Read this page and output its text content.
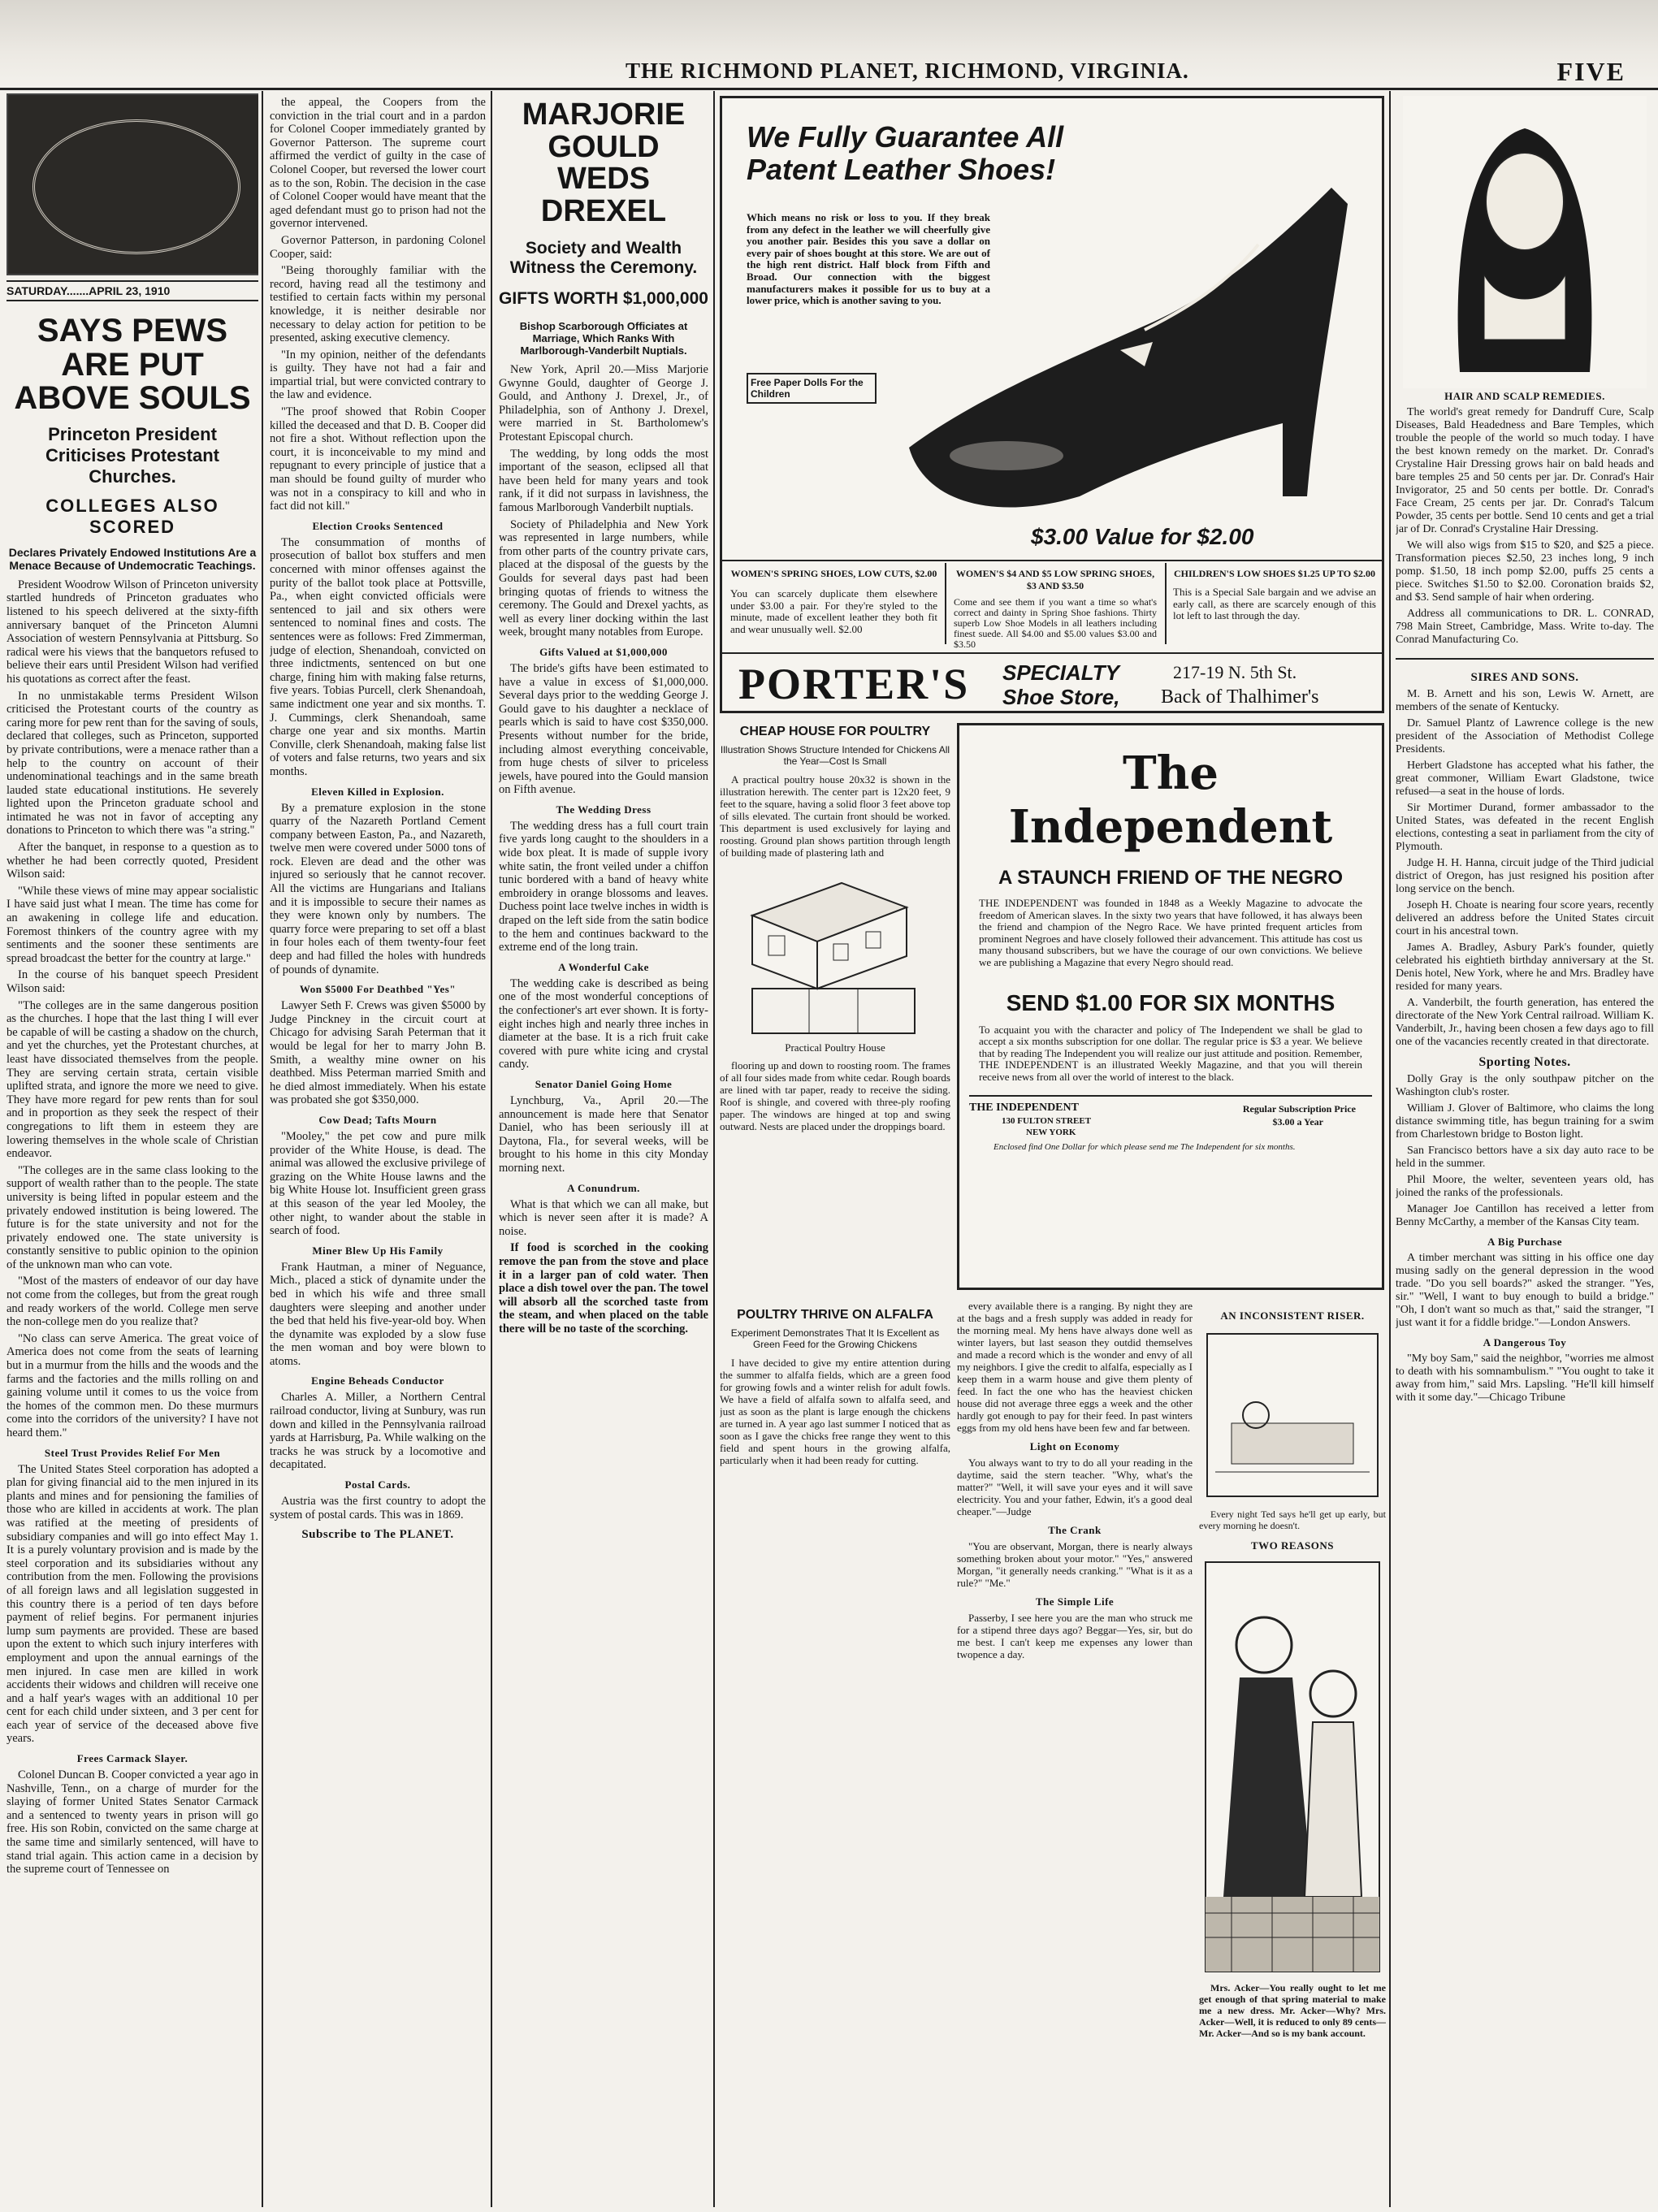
THE RICHMOND PLANET, RICHMOND, VIRGINIA.	FIVE
SATURDAY.......APRIL 23, 1910
SAYS PEWS ARE PUT ABOVE SOULS
Princeton President Criticises Protestant Churches.
COLLEGES ALSO SCORED
Declares Privately Endowed Institutions Are a Menace Because of Undemocratic Teachings.

President Woodrow Wilson of Princeton university startled hundreds of Princeton graduates who listened to his speech delivered at the sixty-fifth anniversary banquet of the Princeton Alumni Association of western Pennsylvania at Pittsburg. So radical were his views that the banquetors refused to believe their ears until President Wilson had verified his quotations as correct after the feast.

In no unmistakable terms President Wilson criticised the Protestant courts of the country as caring more for pew rent than for the saving of souls, declared that colleges, such as Princeton, supported by private contributions, were a menace rather than a help to the country on account of their undenominational teachings and in the same breath lauded state educational institutions. He severely lighted upon the Princeton graduate school and intimated he was not in favor of accepting any donations to Princeton to which there was "a string."

After the banquet, in response to a question as to whether he had been correctly quoted, President Wilson said:

"While these views of mine may appear socialistic I have said just what I mean. The time has come for an awakening in college life and education. Foremost thinkers of the country agree with my sentiments and the sooner these sentiments are spread broadcast the better for the country at large."

In the course of his banquet speech President Wilson said:

"The colleges are in the same dangerous position as the churches. I hope that the last thing I will ever be capable of will be casting a shadow on the church, and yet the churches, yet the Protestant churches, at least have dissociated themselves from the people. They are serving certain strata, certain visible uplifted strata, and ignore the more we need to give. They have more regard for pew rents than for soul and in proportion as they seek the respect of their congregations to lift them in esteem they are lowering themselves in the whole scale of Christian endeavor.

"The colleges are in the same class looking to the support of wealth rather than to the people. The state university is being lifted in popular esteem and the privately endowed institution is being lowered. The future is for the state university and not for the privately endowed one. The state university is constantly sensitive to public opinion to the opinion of the unknown man who can vote.

"Most of the masters of endeavor of our day have not come from the colleges, but from the great rough and ready workers of the world. College men serve the non-college men do you realize that?

"No class can serve America. The great voice of America does not come from the seats of learning but in a murmur from the hills and the woods and the farms and the factories and the mills rolling on and gaining volume until it comes to us the voice from the homes of the common men. Do these murmurs come into the corridors of the university? I have not heard them."

Steel Trust Provides Relief For Men

The United States Steel corporation has adopted a plan for giving financial aid to the men injured in its plants and mines and for pensioning the families of those who are killed in accidents at work. The plan was ratified at the meeting of presidents of subsidiary companies and will go into effect May 1. It is a purely voluntary provision and is made by the steel corporation and its subsidiaries without any contribution from the men. Following the provisions of all foreign laws and all legislation suggested in this country there is a period of ten days before payment of relief begins. For permanent injuries lump sum payments are provided. These are based upon the extent to which such injury interferes with employment and upon the annual earnings of the men injured. In case men are killed in work accidents their widows and children will receive one and a half year's wages with an additional 10 per cent for each child under sixteen, and 3 per cent for each year of service of the deceased above five years.

Frees Carmack Slayer.

Colonel Duncan B. Cooper convicted a year ago in Nashville, Tenn., on a charge of murder for the slaying of former United States Senator Carmack and a sentenced to twenty years in prison will go free. His son Robin, convicted on the same charge at the same time and similarly sentenced, will have to stand trial again. This action came in a decision by the supreme court of Tennessee on

the appeal, the Coopers from the conviction in the trial court and in a pardon for Colonel Cooper immediately granted by Governor Patterson. The supreme court affirmed the verdict of guilty in the case of Colonel Cooper, but reversed the lower court as to the son, Robin. The decision in the case of Colonel Cooper would have meant that the aged defendant must go to prison had not the governor intervened.

Governor Patterson, in pardoning Colonel Cooper, said:

"Being thoroughly familiar with the record, having read all the testimony and testified to certain facts within my personal knowledge, it is neither desirable nor necessary to delay action for petition to be presented, asking executive clemency.

"In my opinion, neither of the defendants is guilty. They have not had a fair and impartial trial, but were convicted contrary to the law and evidence.

"The proof showed that Robin Cooper killed the deceased and that D. B. Cooper did not fire a shot. Without reflection upon the court, it is inconceivable to my mind and repugnant to every principle of justice that a man should be found guilty of murder who was not in a conspiracy to kill and who in fact did not kill."

Election Crooks Sentenced

The consummation of months of prosecution of ballot box stuffers and men concerned with minor offenses against the purity of the ballot took place at Pottsville, Pa., when eight convicted officials were sentenced to jail and six others were sentenced to nominal fines and costs. The sentences were as follows: Fred Zimmerman, judge of election, Shenandoah, convicted on three indictments, sentenced on but one charge, fining him with making false returns, five years. Tobias Purcell, clerk Shenandoah, same indictment one year and six months. T. J. Cummings, clerk Shenandoah, same charge one year and six months. Martin Conville, clerk Shenandoah, making false list of voters and false returns, two years and six months.

Eleven Killed in Explosion.

By a premature explosion in the stone quarry of the Nazareth Portland Cement company between Easton, Pa., and Nazareth, twelve men were covered under 5000 tons of rock. Eleven are dead and the other was injured so seriously that he cannot recover. All the victims are Hungarians and Italians and it is impossible to secure their names as they were known only by numbers. The quarry force were preparing to set off a blast in four holes each of them twenty-four feet deep and had filled the holes with hundreds of pounds of dynamite.

Won $5000 For Deathbed "Yes"

Lawyer Seth F. Crews was given $5000 by Judge Pinckney in the circuit court at Chicago for advising Sarah Peterman that it would be legal for her to marry John B. Smith, a wealthy mine owner on his deathbed. Miss Peterman married Smith and he died almost immediately. When his estate was probated she got $350,000.

Cow Dead; Tafts Mourn

"Mooley," the pet cow and pure milk provider of the White House, is dead. The animal was allowed the exclusive privilege of grazing on the White House lawns and the big White House lot. Insufficient green grass at this season of the year led Mooley, the other night, to wander about the stable in search of food.

Miner Blew Up His Family

Frank Hautman, a miner of Neguance, Mich., placed a stick of dynamite under the bed in which his wife and three small daughters were sleeping and another under the bed that held his five-year-old boy. When the dynamite was exploded by a slow fuse the men woman and boy were blown to atoms.

Engine Beheads Conductor

Charles A. Miller, a Northern Central railroad conductor, living at Sunbury, was run down and killed in the Pennsylvania railroad yards at Harrisburg, Pa. While walking on the tracks he was struck by a locomotive and decapitated.

Postal Cards.

Austria was the first country to adopt the system of postal cards. This was in 1869.

Subscribe to The PLANET.
MARJORIE GOULD WEDS DREXEL
Society and Wealth Witness the Ceremony.
GIFTS WORTH $1,000,000
Bishop Scarborough Officiates at Marriage, Which Ranks With Marlborough-Vanderbilt Nuptials.

New York, April 20.—Miss Marjorie Gwynne Gould, daughter of George J. Gould, and Anthony J. Drexel, Jr., of Philadelphia, son of Anthony J. Drexel, were married in St. Bartholomew's Protestant Episcopal church.

The wedding, by long odds the most important of the season, eclipsed all that have been held for many years and took rank, if it did not surpass in lavishness, the famous Marlborough Vanderbilt nuptials.

Society of Philadelphia and New York was represented in large numbers, while from other parts of the country private cars, placed at the disposal of the guests by the Goulds for several days past had been bringing quotas of friends to witness the ceremony. The Gould and Drexel yachts, as well as every liner docking within the last week, brought many notables from Europe.

Gifts Valued at $1,000,000

The bride's gifts have been estimated to have a value in excess of $1,000,000. Several days prior to the wedding George J. Gould gave to his daughter a necklace of pearls which is said to have cost $350,000. Presents without number for the bride, including almost everything conceivable, from huge chests of silver to priceless jewels, have poured into the Gould mansion on Fifth avenue.

The Wedding Dress

The wedding dress has a full court train five yards long caught to the shoulders in a wide box pleat. It is made of supple ivory white satin, the front veiled under a chiffon tunic bordered with a band of heavy white embroidery in orange blossoms and leaves. Duchess point lace twelve inches in width is draped on the left side from the satin bodice to the hem and continues backward to the extreme end of the long train.

A Wonderful Cake

The wedding cake is described as being one of the most wonderful conceptions of the confectioner's art ever shown. It is forty-eight inches high and nearly three inches in diameter at the base. It is a rich fruit cake covered with pure white icing and crystal candy.

Senator Daniel Going Home

Lynchburg, Va., April 20.—The announcement is made here that Senator Daniel, who has been seriously ill at Daytona, Fla., for several weeks, will be brought to his home in this city Monday morning next.

A Conundrum.

What is that which we can all make, but which is never seen after it is made? A noise.

If food is scorched in the cooking remove the pan from the stove and place it in a larger pan of cold water. Then place a dish towel over the pan. The towel will absorb all the scorched taste from the steam, and when placed on the table there will be no taste of the scorching.

We Fully Guarantee All Patent Leather Shoes!
Which means no risk or loss to you. If they break from any defect in the leather we will cheerfully give you another pair. Besides this you save a dollar on every pair of shoes bought at this store. We are out of the high rent district. Half block from Fifth and Broad. Our connection with the biggest manufacturers makes it possible for us to buy at a lower price, which is another saving to you.
Free Paper Dolls For the Children
$3.00 Value for $2.00
WOMEN'S SPRING SHOES, LOW CUTS, $2.00
You can scarcely duplicate them elsewhere under $3.00 a pair. For they're styled to the minute, made of excellent leather they both fit and wear unusually well. $2.00
WOMEN'S $4 AND $5 LOW SPRING SHOES, $3 AND $3.50
Come and see them if you want a time so what's correct and dainty in Spring Shoe fashions. Thirty superb Low Shoe Models in all leathers including finest suede. All $4.00 and $5.00 values $3.00 and $3.50
CHILDREN'S LOW SHOES $1.25 UP TO $2.00
This is a Special Sale bargain and we advise an early call, as there are scarcely enough of this lot left to last through the day.
PORTER'S SPECIALTY
Shoe Store,
217-19 N. 5th St.
Back of Thalhimer's
CHEAP HOUSE FOR POULTRY
Illustration Shows Structure Intended for Chickens All the Year—Cost Is Small

A practical poultry house 20x32 is shown in the illustration herewith. The center part is 12x20 feet, 9 feet to the square, having a solid floor 3 feet above top of sills elevated. The curtain front should be worked. This department is used exclusively for laying and roosting. Ground plan shows partition through length of building made of plastering lath and

Practical Poultry House

flooring up and down to roosting room. The frames of all four sides made from white cedar. Rough boards are lined with tar paper, ready to receive the siding. Roof is shingle, and covered with three-ply roofing paper. The windows are hinged at top and swing outward. Nests are placed under the droppings board.

The Independent
A STAUNCH FRIEND OF THE NEGRO
THE INDEPENDENT was founded in 1848 as a Weekly Magazine to advocate the freedom of American slaves. In the sixty two years that have followed, it has always been the friend and champion of the Negro Race. We have printed frequent articles from prominent Negroes and have closely followed their advancement. This attitude has cost us many thousand subscribers, but we have the courage of our own convictions. We believe we are publishing a Magazine that every Negro should read.
SEND $1.00 FOR SIX MONTHS
To acquaint you with the character and policy of The Independent we shall be glad to accept a six months subscription for one dollar. The regular price is $3 a year. We believe that by reading The Independent you will realize our just attitude and position. Remember, THE INDEPENDENT is an illustrated Weekly Magazine, and that you will therein receive news from all over the world of interest to the black.
THE INDEPENDENT
130 FULTON STREET
NEW YORK
Regular Subscription Price
$3.00 a Year
Enclosed find One Dollar for which please send me The Independent for six months.
POULTRY THRIVE ON ALFALFA
Experiment Demonstrates That It Is Excellent as Green Feed for the Growing Chickens

I have decided to give my entire attention during the summer to alfalfa fields, which are a green food for growing fowls and a winter relish for adult fowls. We have a field of alfalfa sown to alfalfa seed, and just as soon as the plant is large enough the chickens are turned in. A year ago last summer I noticed that as soon as I gave the chicks free range they went to this field and spent hours in the growing alfalfa, particularly when it had been ready for cutting.

every available there is a ranging. By night they are at the bags and a fresh supply was added in ready for the morning meal. My hens have always done well as winter layers, but last season they outdid themselves and made a record which is the wonder and envy of all my neighbors. I give the credit to alfalfa, especially as I keep them in a warm house and give them plenty of feed. In fact the one who has the heaviest chicken house did not average three eggs a week and the other hardly got enough to pay for their feed. In past winters eggs from my old hens have been few and far between.

Light on Economy

You always want to try to do all your reading in the daytime, said the stern teacher. "Why, what's the matter?" "Well, it will save your eyes and it will save electricity. You and your father, Edwin, it's a good deal cheaper."—Judge

The Crank

"You are observant, Morgan, there is nearly always something broken about your motor." "Yes," answered Morgan, "it generally needs cranking." "What is it as a rule?" "Me."

The Simple Life

Passerby, I see here you are the man who struck me for a stipend three days ago? Beggar—Yes, sir, but do me best. I can't keep me expenses any lower than twopence a day.

AN INCONSISTENT RISER.

Every night Ted says he'll get up early, but every morning he doesn't.

TWO REASONS

Mrs. Acker—You really ought to let me get enough of that spring material to make me a new dress. Mr. Acker—Why? Mrs. Acker—Well, it is reduced to only 89 cents— Mr. Acker—And so is my bank account.

HAIR AND SCALP REMEDIES.

The world's great remedy for Dandruff Cure, Scalp Diseases, Bald Headedness and Bare Temples, which trouble the people of the world so much today. I have the best known remedy on the market. Dr. Conrad's Crystaline Hair Dressing grows hair on bald heads and bare temples 25 and 50 cents per jar. Dr. Conrad's Hair Invigorator, 25 and 50 cents per bottle. Dr. Conrad's Face Cream, 25 cents per jar. Dr. Conrad's Talcum Powder, 35 cents per bottle. Send 10 cents and get a trial jar of Dr. Conrad's Crystaline Hair Dressing.

We will also wigs from $15 to $20, and $25 a piece. Transformation pieces $2.50, 23 inches long, 9 inch pomp. $1.50, 18 inch pomp $2.00, puffs 25 cents a piece. Switches $1.50 to $2.00. Coronation braids $2, and $3. Send sample of hair when ordering.

Address all communications to DR. L. CONRAD, 798 Main Street, Cambridge, Mass. Write to-day. The Conrad Manufacturing Co.

SIRES AND SONS.

M. B. Arnett and his son, Lewis W. Arnett, are members of the senate of Kentucky.

Dr. Samuel Plantz of Lawrence college is the new president of the Association of Methodist College Presidents.

Herbert Gladstone has accepted what his father, the great commoner, William Ewart Gladstone, twice refused—a seat in the house of lords.

Sir Mortimer Durand, former ambassador to the United States, was defeated in the recent English elections, contesting a seat in parliament from the city of Plymouth.

Judge H. H. Hanna, circuit judge of the Third judicial district of Oregon, has just resigned his position after long service on the bench.

Joseph H. Choate is nearing four score years, recently delivered an address before the United States circuit court in his ancestral town.

James A. Bradley, Asbury Park's founder, quietly celebrated his eightieth birthday anniversary at the St. Denis hotel, New York, where he and Mrs. Bradley have resided for many years.

A. Vanderbilt, the fourth generation, has entered the directorate of the New York Central railroad. William K. Vanderbilt, Jr., having been chosen a few days ago to fill one of the vacancies recently created in that directorate.

Sporting Notes.

Dolly Gray is the only southpaw pitcher on the Washington club's roster.

William J. Glover of Baltimore, who claims the long distance swimming title, has begun training for a swim from Charlestown bridge to Boston light.

San Francisco bettors have a six day auto race to be held in the summer.

Phil Moore, the welter, seventeen years old, has joined the ranks of the professionals.

Manager Joe Cantillon has received a letter from Benny McCarthy, a member of the Kansas City team.

A Big Purchase

A timber merchant was sitting in his office one day musing sadly on the general depression in the wood trade. "Do you sell boards?" asked the stranger. "Yes, sir." "Well, I want to buy enough to build a bridge." "Oh, I don't want so much as that," said the stranger, "I just want it for a fiddle bridge."—London Answers.

A Dangerous Toy

"My boy Sam," said the neighbor, "worries me almost to death with his somnambulism." "You ought to take it away from him," said Mrs. Lapsling. "He'll kill himself with it some day."—Chicago Tribune
